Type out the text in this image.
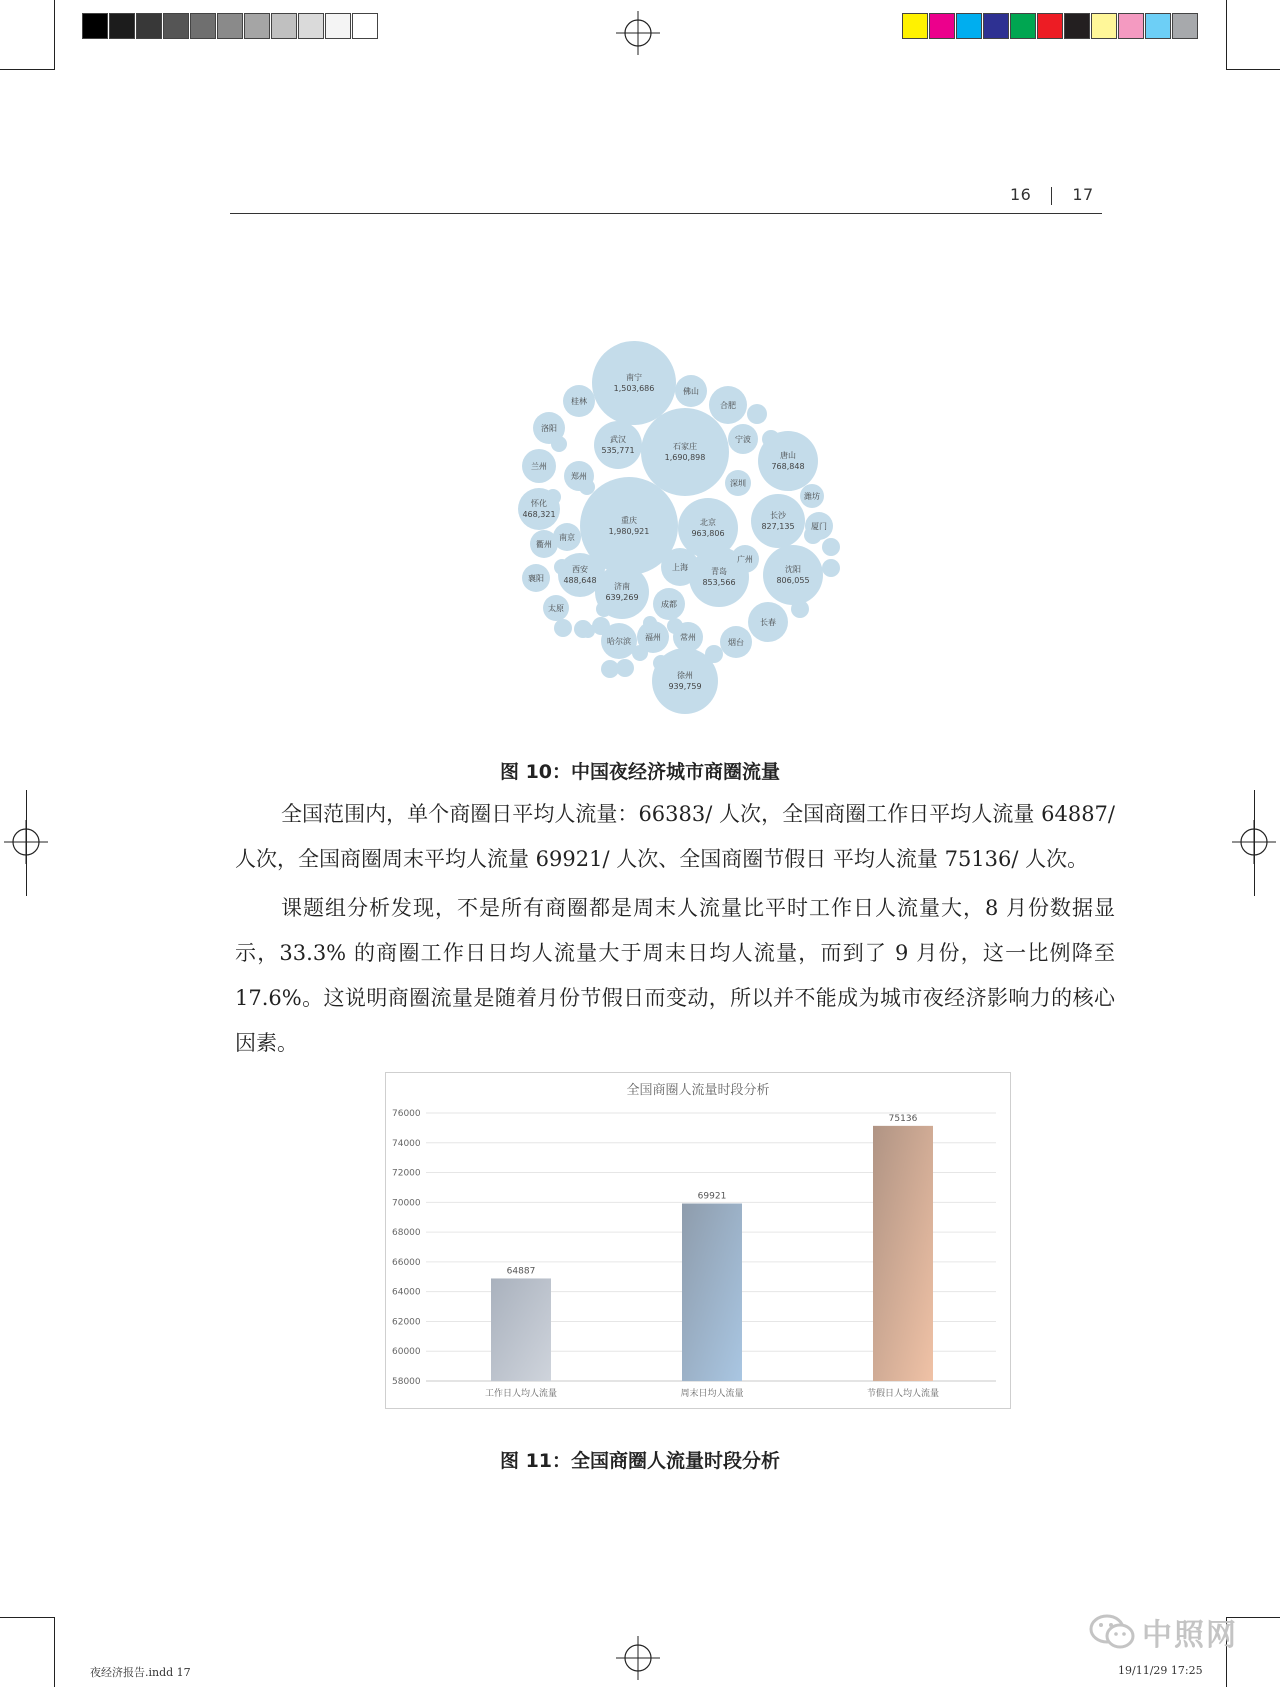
16	17
南宁
1,503,686
石家庄
1,690,898
重庆
1,980,921
北京
963,806
武汉
535,771
唐山
768,848
长沙
827,135
沈阳
806,055
青岛
853,566
济南
639,269
西安
488,648
怀化
468,321
徐州
939,759
佛山
合肥
桂林
洛阳
宁波
兰州
郑州
深圳
潍坊
厦门
南京
衢州
上海
广州
襄阳
太原	成都
长春
哈尔滨 福州 常州
烟台
图 10：中国夜经济城市商圈流量

全国范围内，单个商圈日平均人流量：66383/ 人次，全国商圈工作日平均人流量 64887/ 人次，全国商圈周末平均人流量 69921/ 人次、全国商圈节假日 平均人流量 75136/ 人次。

课题组分析发现，不是所有商圈都是周末人流量比平时工作日人流量大，8 月份数据显示，33.3% 的商圈工作日日均人流量大于周末日均人流量，而到了 9 月份，这一比例降至 17.6%。这说明商圈流量是随着月份节假日而变动，所以并不能成为城市夜经济影响力的核心因素。

全国商圈人流量时段分析
58000
60000
62000
64000
66000
68000
70000
72000
74000
76000
64887
工作日人均人流量
69921
周末日均人流量
75136
节假日人均人流量
图 11：全国商圈人流量时段分析
中照网
夜经济报告.indd 17	19/11/29 17:25
